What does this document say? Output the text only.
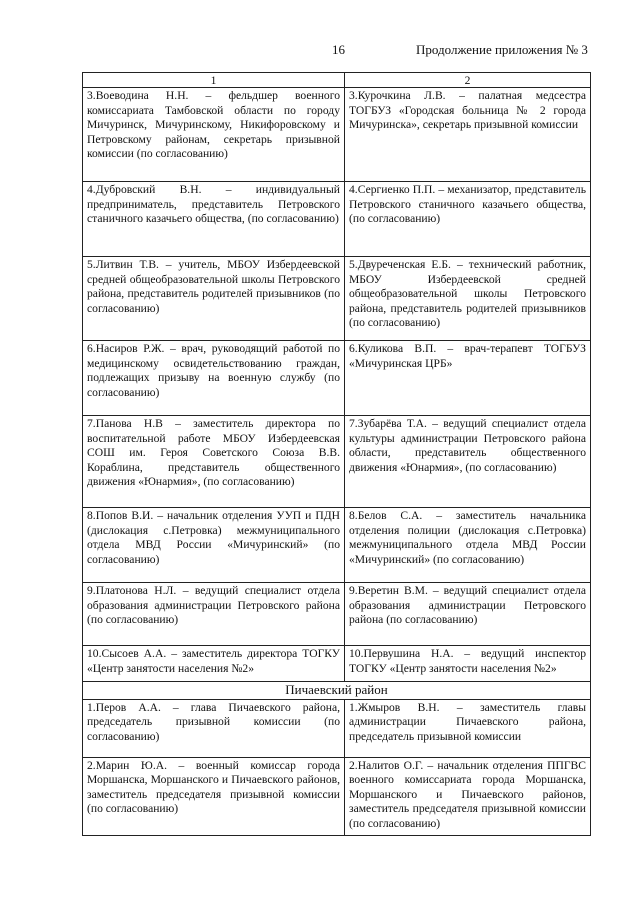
16	Продолжение приложения № 3
1	2
3.Воеводина Н.Н. – фельдшер военного комиссариата Тамбовской области по городу Мичуринск, Мичуринскому, Никифоровскому и Петровскому районам, секретарь призывной комиссии (по согласованию)	3.Курочкина Л.В. – палатная медсестра ТОГБУЗ «Городская больница № 2 города Мичуринска», секретарь призывной комиссии
4.Дубровский В.Н. – индивидуальный предприниматель, представитель Петровского станичного казачьего общества, (по согласованию)	4.Сергиенко П.П. – механизатор, представитель Петровского станичного казачьего общества, (по согласованию)
5.Литвин Т.В. – учитель, МБОУ Избердеевской средней общеобразовательной школы Петровского района, представитель родителей призывников (по согласованию)	5.Двуреченская Е.Б. – технический работник, МБОУ Избердеевской средней общеобразовательной школы Петровского района, представитель родителей призывников (по согласованию)
6.Насиров Р.Ж. – врач, руководящий работой по медицинскому освидетельствованию граждан, подлежащих призыву на военную службу (по согласованию)	6.Куликова В.П. – врач-терапевт ТОГБУЗ «Мичуринская ЦРБ»
7.Панова Н.В – заместитель директора по воспитательной работе МБОУ Избердеевская СОШ им. Героя Советского Союза В.В. Кораблина, представитель общественного движения «Юнармия», (по согласованию)	7.Зубарёва Т.А. – ведущий специалист отдела культуры администрации Петровского района области, представитель общественного движения «Юнармия», (по согласованию)
8.Попов В.И. – начальник отделения УУП и ПДН (дислокация с.Петровка) межмуниципального отдела МВД России «Мичуринский» (по согласованию)	8.Белов С.А. – заместитель начальника отделения полиции (дислокация с.Петровка) межмуниципального отдела МВД России «Мичуринский» (по согласованию)
9.Платонова Н.Л. – ведущий специалист отдела образования администрации Петровского района (по согласованию)	9.Веретин В.М. – ведущий специалист отдела образования администрации Петровского района (по согласованию)
10.Сысоев А.А. – заместитель директора ТОГКУ «Центр занятости населения №2»	10.Первушина Н.А. – ведущий инспектор ТОГКУ «Центр занятости населения №2»
Пичаевский район	
1.Перов А.А. – глава Пичаевского района, председатель призывной комиссии (по согласованию)	1.Жмыров В.Н. – заместитель главы администрации Пичаевского района, председатель призывной комиссии
2.Марин Ю.А. – военный комиссар города Моршанска, Моршанского и Пичаевского районов, заместитель председателя призывной комиссии (по согласованию)	2.Налитов О.Г. – начальник отделения ППГВС военного комиссариата города Моршанска, Моршанского и Пичаевского районов, заместитель председателя призывной комиссии (по согласованию)
